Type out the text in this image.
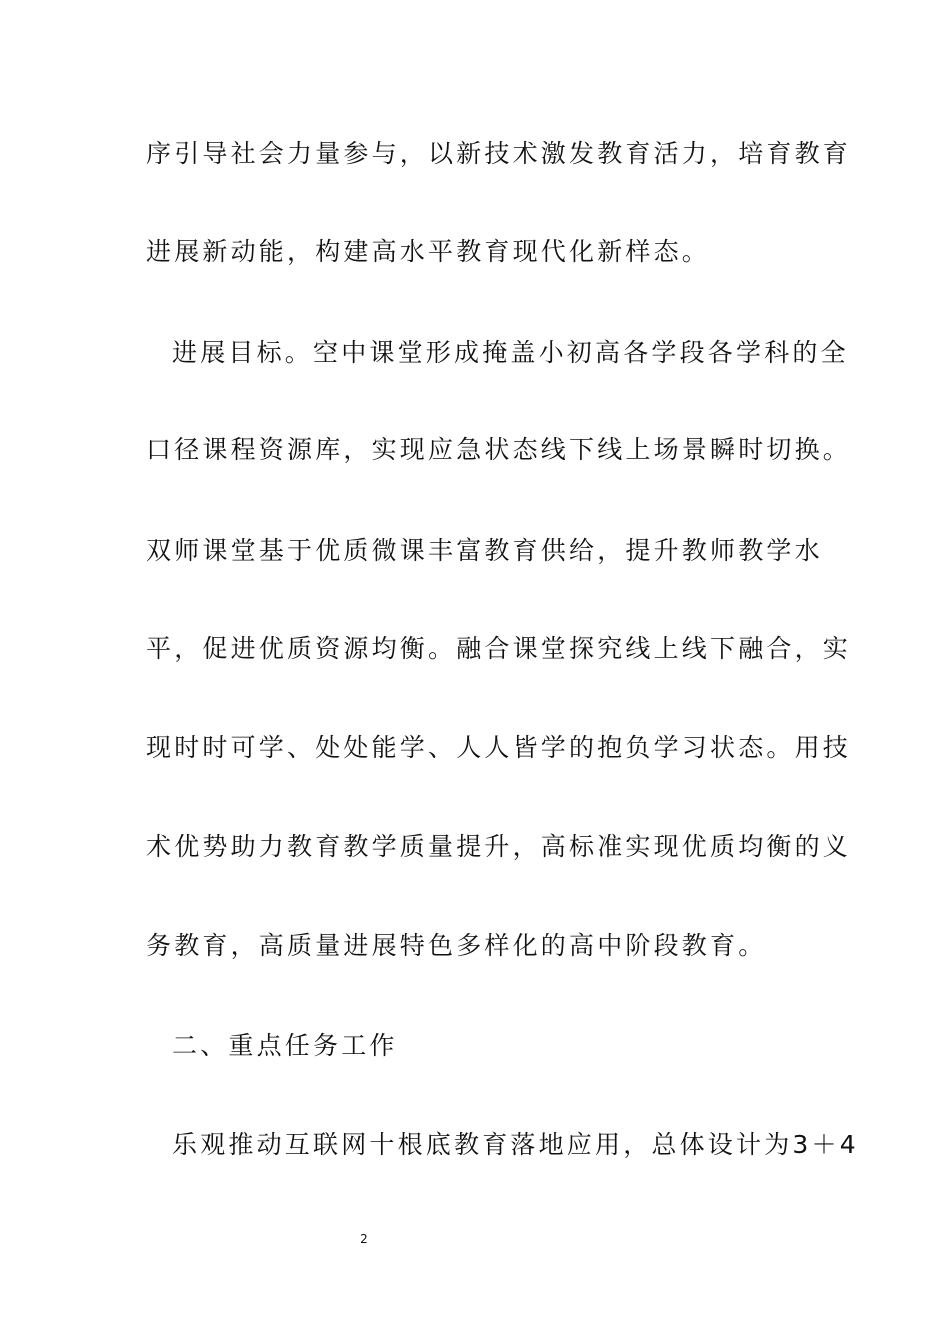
序引导社会力量参与，以新技术激发教育活力，培育教育
进展新动能，构建高水平教育现代化新样态。
进展目标。空中课堂形成掩盖小初高各学段各学科的全
口径课程资源库，实现应急状态线下线上场景瞬时切换。
双师课堂基于优质微课丰富教育供给，提升教师教学水
平，促进优质资源均衡。融合课堂探究线上线下融合，实
现时时可学、处处能学、人人皆学的抱负学习状态。用技
术优势助力教育教学质量提升，高标准实现优质均衡的义
务教育，高质量进展特色多样化的高中阶段教育。
二、重点任务工作
乐观推动互联网十根底教育落地应用，总体设计为3＋4
2
